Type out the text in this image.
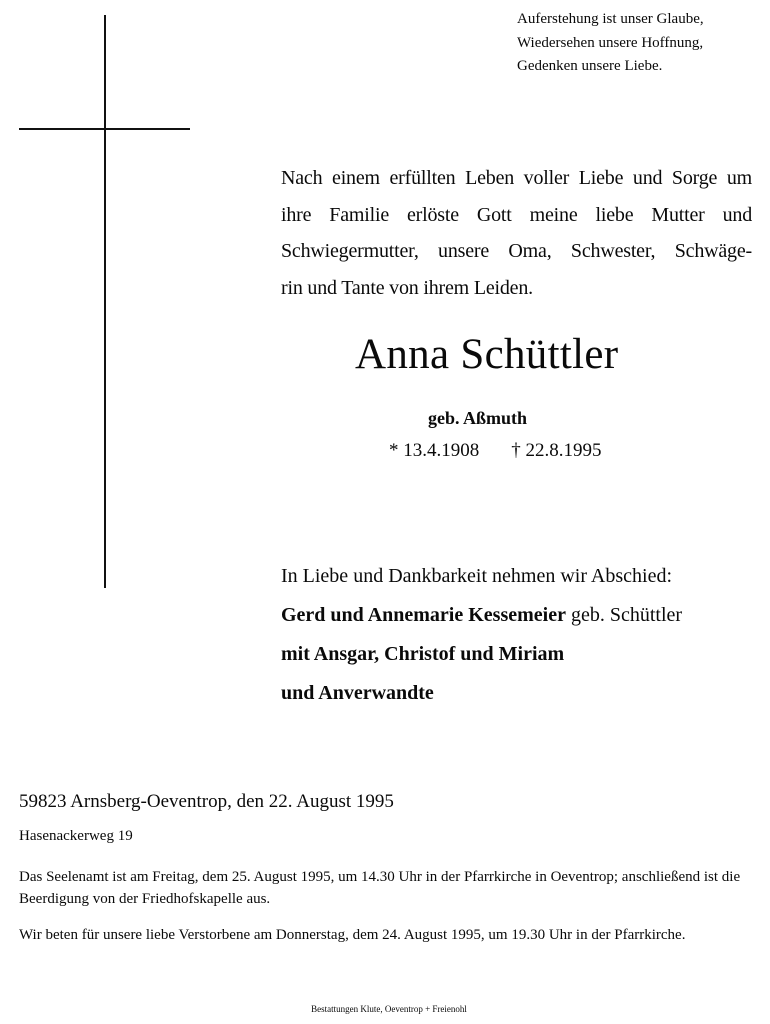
Auferstehung ist unser Glaube,
Wiedersehen unsere Hoffnung,
Gedenken unsere Liebe.
Nach einem erfüllten Leben voller Liebe und Sorge um
ihre Familie erlöste Gott meine liebe Mutter und
Schwiegermutter, unsere Oma, Schwester, Schwäge-
rin und Tante von ihrem Leiden.
Anna Schüttler
geb. Aßmuth
* 13.4.1908 † 22.8.1995
In Liebe und Dankbarkeit nehmen wir Abschied:
Gerd und Annemarie Kessemeier geb. Schüttler
mit Ansgar, Christof und Miriam
und Anverwandte
59823 Arnsberg-Oeventrop, den 22. August 1995
Hasenackerweg 19
Das Seelenamt ist am Freitag, dem 25. August 1995, um 14.30 Uhr in der Pfarrkirche in Oeventrop; anschließend ist die Beerdigung von der Friedhofskapelle aus.
Wir beten für unsere liebe Verstorbene am Donnerstag, dem 24. August 1995, um 19.30 Uhr in der Pfarrkirche.
Bestattungen Klute, Oeventrop + Freienohl
